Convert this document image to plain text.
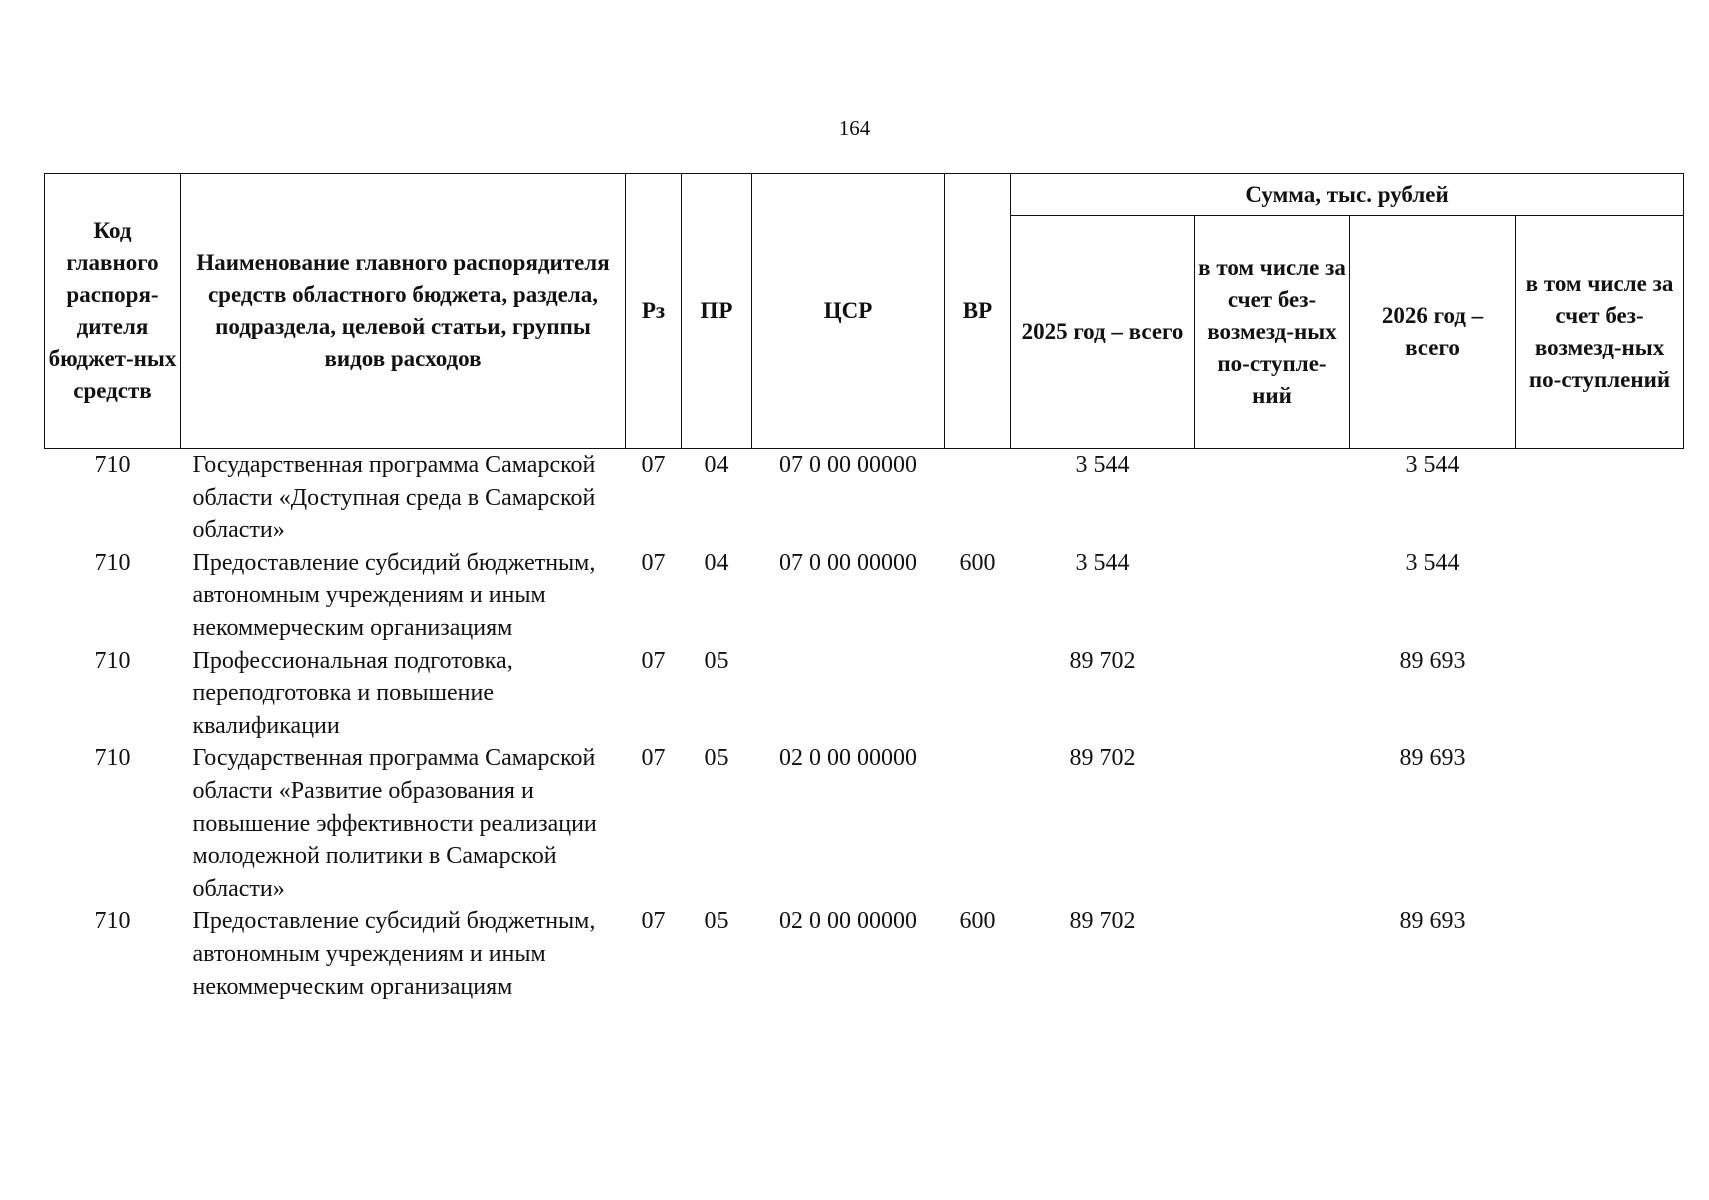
164
Код главного распоря-дителя бюджет-ных средств	Наименование главного распорядителя средств областного бюджета, раздела, подраздела, целевой статьи, группы видов расходов	Рз	ПР	ЦСР	ВР	Сумма, тыс. рублей			
						2025 год – всего	в том числе за счет без-возмезд-ных по-ступле-ний	2026 год – всего	в том числе за счет без-возмезд-ных по-ступлений
710	Государственная программа Самарской области «Доступная среда в Самарской области»	07	04	07 0 00 00000		3 544		3 544	
710	Предоставление субсидий бюджетным, автономным учреждениям и иным некоммерческим организациям	07	04	07 0 00 00000	600	3 544		3 544	
710	Профессиональная подготовка, переподготовка и повышение квалификации	07	05			89 702		89 693	
710	Государственная программа Самарской области «Развитие образования и повышение эффективности реализации молодежной политики в Самарской области»	07	05	02 0 00 00000		89 702		89 693	
710	Предоставление субсидий бюджетным, автономным учреждениям и иным некоммерческим организациям	07	05	02 0 00 00000	600	89 702		89 693	
